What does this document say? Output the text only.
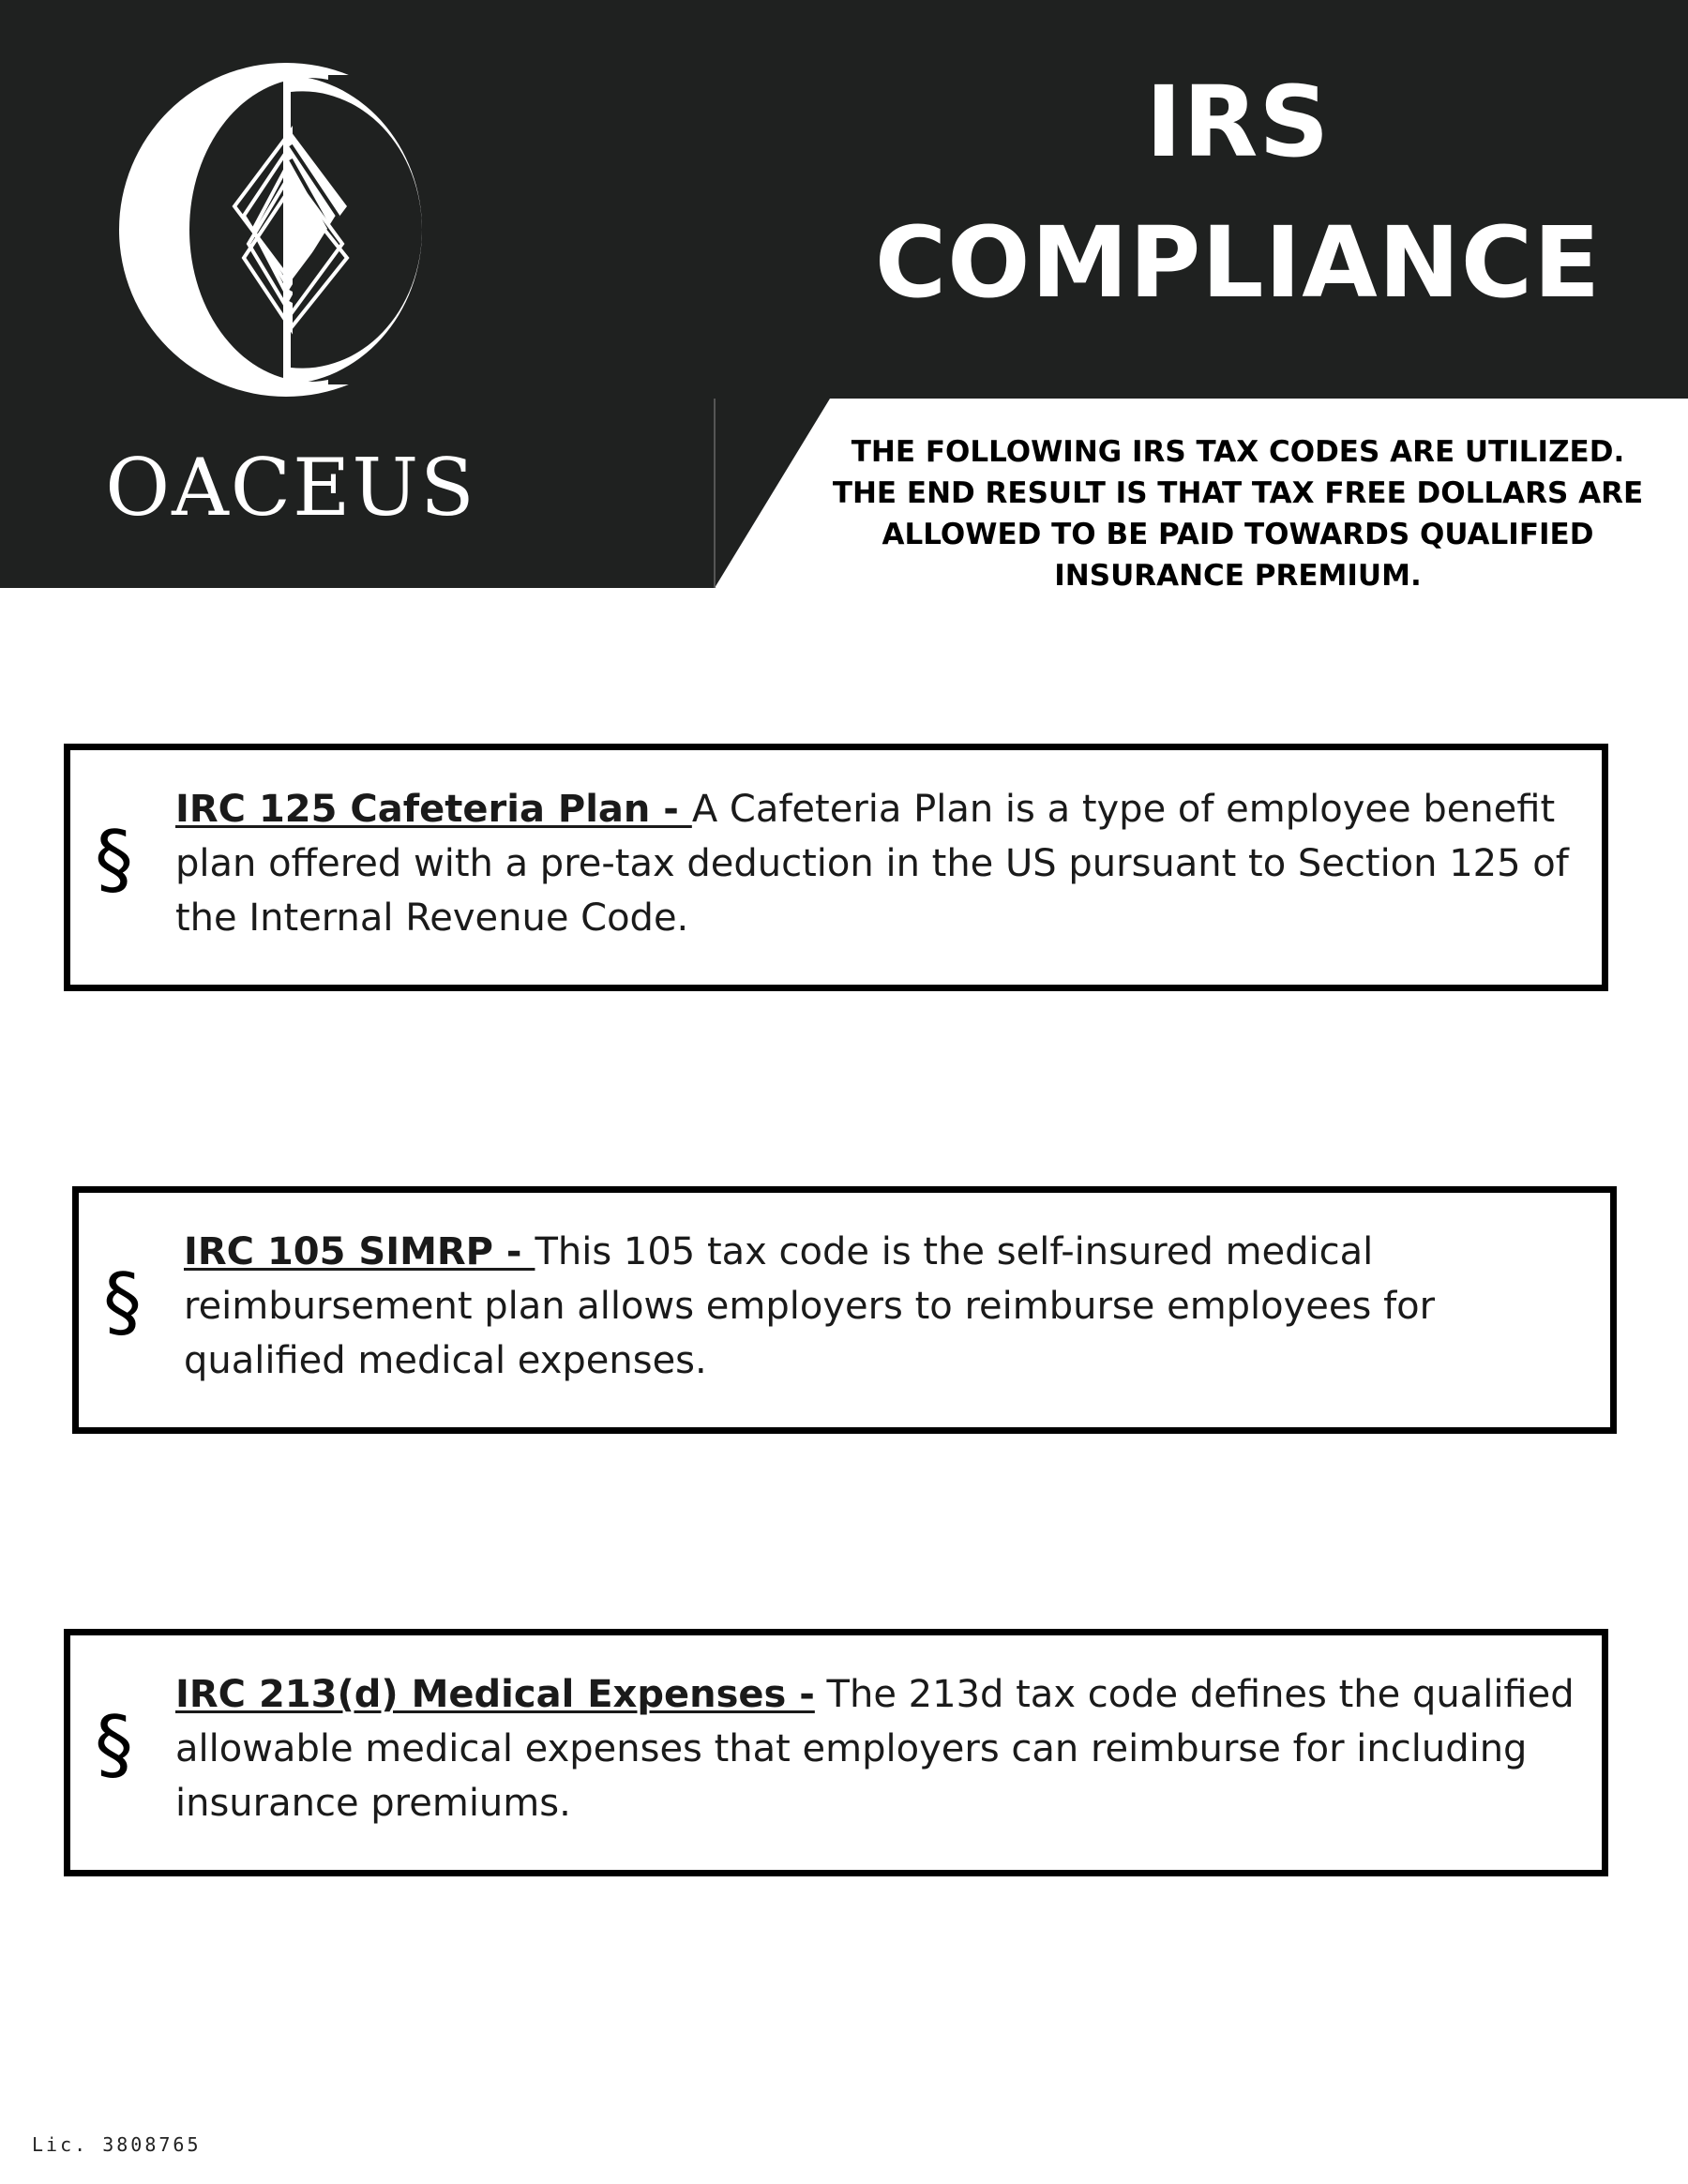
OACEUS
IRS
COMPLIANCE
THE FOLLOWING IRS TAX CODES ARE UTILIZED. THE END RESULT IS THAT TAX FREE DOLLARS ARE ALLOWED TO BE PAID TOWARDS QUALIFIED INSURANCE PREMIUM.
§
IRC 125 Cafeteria Plan - A Cafeteria Plan is a type of employee benefit plan offered with a pre-tax deduction in the US pursuant to Section 125 of the Internal Revenue Code.
§
IRC 105 SIMRP - This 105 tax code is the self-insured medical reimbursement plan allows employers to reimburse employees for qualified medical expenses.
§
IRC 213(d) Medical Expenses - The 213d tax code defines the qualified allowable medical expenses that employers can reimburse for including insurance premiums.
Lic. 3808765
